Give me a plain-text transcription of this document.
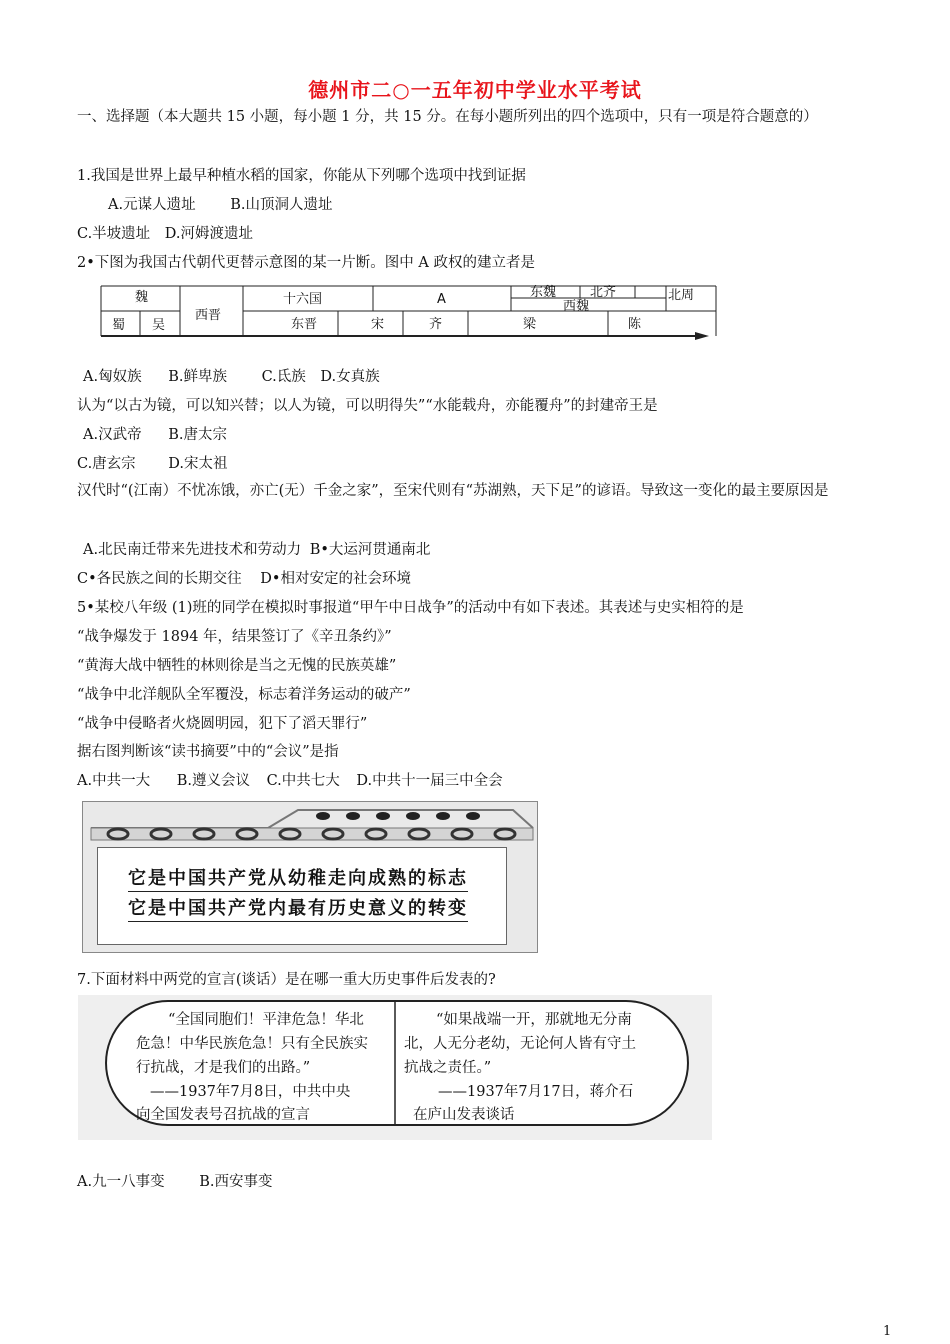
德州市二○一五年初中学业水平考试
一、选择题（本大题共 15 小题，每小题 1 分，共 15 分。在每小题所列出的四个选项中，只有一项是符合题意的）
1.我国是世界上最早种植水稻的国家，你能从下列哪个选项中找到证据
A.元谋人遗址 B.山顶洞人遗址
C.半坡遗址 D.河姆渡遗址
2•下图为我国古代朝代更替示意图的某一片断。图中 A 政权的建立者是
魏
蜀 吴
西晋
十六国	A	东魏	北齐	北周
西魏
东晋	宋	齐	梁	陈
A.匈奴族 B.鲜卑族 C.氐族 D.女真族
认为“以古为镜，可以知兴替；以人为镜，可以明得失”“水能载舟，亦能覆舟”的封建帝王是
A.汉武帝 B.唐太宗
C.唐玄宗 D.宋太祖
汉代时“(江南）不忧冻饿，亦亡(无）千金之家”，至宋代则有“苏湖熟，天下足”的谚语。导致这一变化的最主要原因是
A.北民南迁带来先进技术和劳动力 B•大运河贯通南北
C•各民族之间的长期交往 D•相对安定的社会环境
5•某校八年级 (1)班的同学在模拟时事报道“甲午中日战争”的活动中有如下表述。其表述与史实相符的是
“战争爆发于 1894 年，结果签订了《辛丑条约》”
“黄海大战中牺牲的林则徐是当之无愧的民族英雄”
“战争中北洋舰队全军覆没，标志着洋务运动的破产”
“战争中侵略者火烧圆明园，犯下了滔天罪行”
据右图判断该“读书摘要”中的“会议”是指
A.中共一大 B.遵义会议 C.中共七大 D.中共十一届三中全会
它是中国共产党从幼稚走向成熟的标志
它是中国共产党内最有历史意义的转变
7.下面材料中两党的宣言(谈话）是在哪一重大历史事件后发表的?
“全国同胞们！平津危急！华北
危急！中华民族危急！只有全民族实
行抗战，才是我们的出路。”
——1937年7月8日，中共中央
向全国发表号召抗战的宣言
“如果战端一开，那就地无分南
北，人无分老幼，无论何人皆有守土
抗战之责任。”
——1937年7月17日，蒋介石
在庐山发表谈话
A.九一八事变 B.西安事变
1
